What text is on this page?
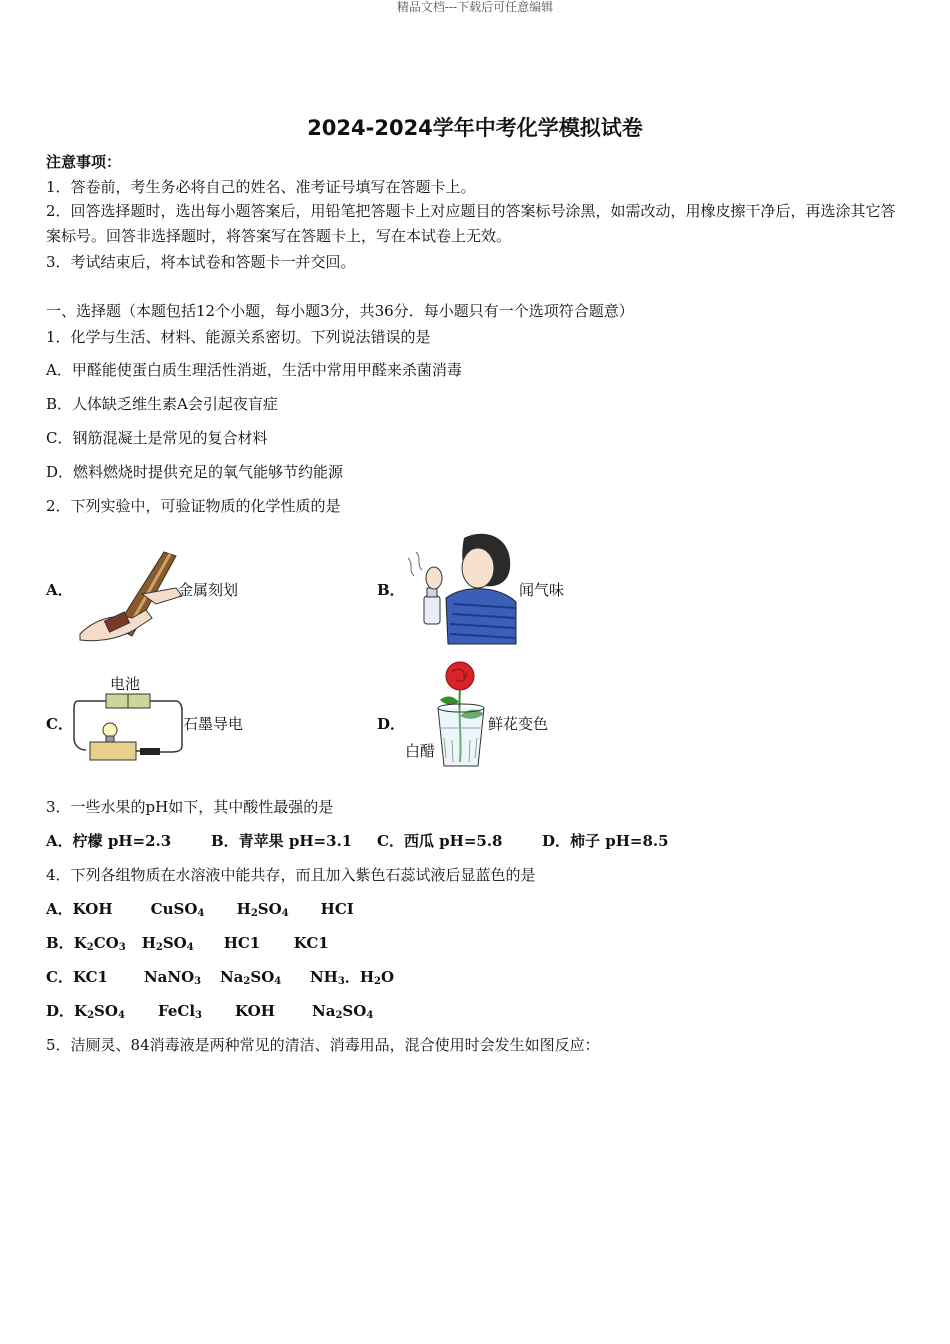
精品文档---下载后可任意编辑
2024-2024学年中考化学模拟试卷
注意事项：
1．答卷前，考生务必将自己的姓名、准考证号填写在答题卡上。
2．回答选择题时，选出每小题答案后，用铅笔把答题卡上对应题目的答案标号涂黑，如需改动，用橡皮擦干净后，再选涂其它答案标号。回答非选择题时，将答案写在答题卡上，写在本试卷上无效。
3．考试结束后，将本试卷和答题卡一并交回。
一、选择题（本题包括12个小题，每小题3分，共36分．每小题只有一个选项符合题意）
1．化学与生活、材料、能源关系密切。下列说法错误的是
A．甲醛能使蛋白质生理活性消逝，生活中常用甲醛来杀菌消毒
B．人体缺乏维生素A会引起夜盲症
C．钢筋混凝土是常见的复合材料
D．燃料燃烧时提供充足的氧气能够节约能源
2．下列实验中，可验证物质的化学性质的是
A．	金属刻划	B．	闻气味
C．
电池
石墨导电	D．
白醋
鲜花变色
3．一些水果的pH如下，其中酸性最强的是
A．柠檬 pH=2.3	B．青苹果 pH=3.1 C．西瓜 pH=5.8	D．柿子 pH=8.5
4．下列各组物质在水溶液中能共存，而且加入紫色石蕊试液后显蓝色的是
A．KOH	CuSO$_4$ $H_2SO_4$ HCI
B．$K_2CO_3$ $H_2SO_4$ HC1 KC1
C．KC1 NaNO$_3$ $Na_2SO_4$ $NH_3$．$H_2O$
D．$K_2SO_4$ FeCl$_3$ KOH $Na_2SO_4$
5．洁厕灵、84消毒液是两种常见的清洁、消毒用品，混合使用时会发生如图反应：
